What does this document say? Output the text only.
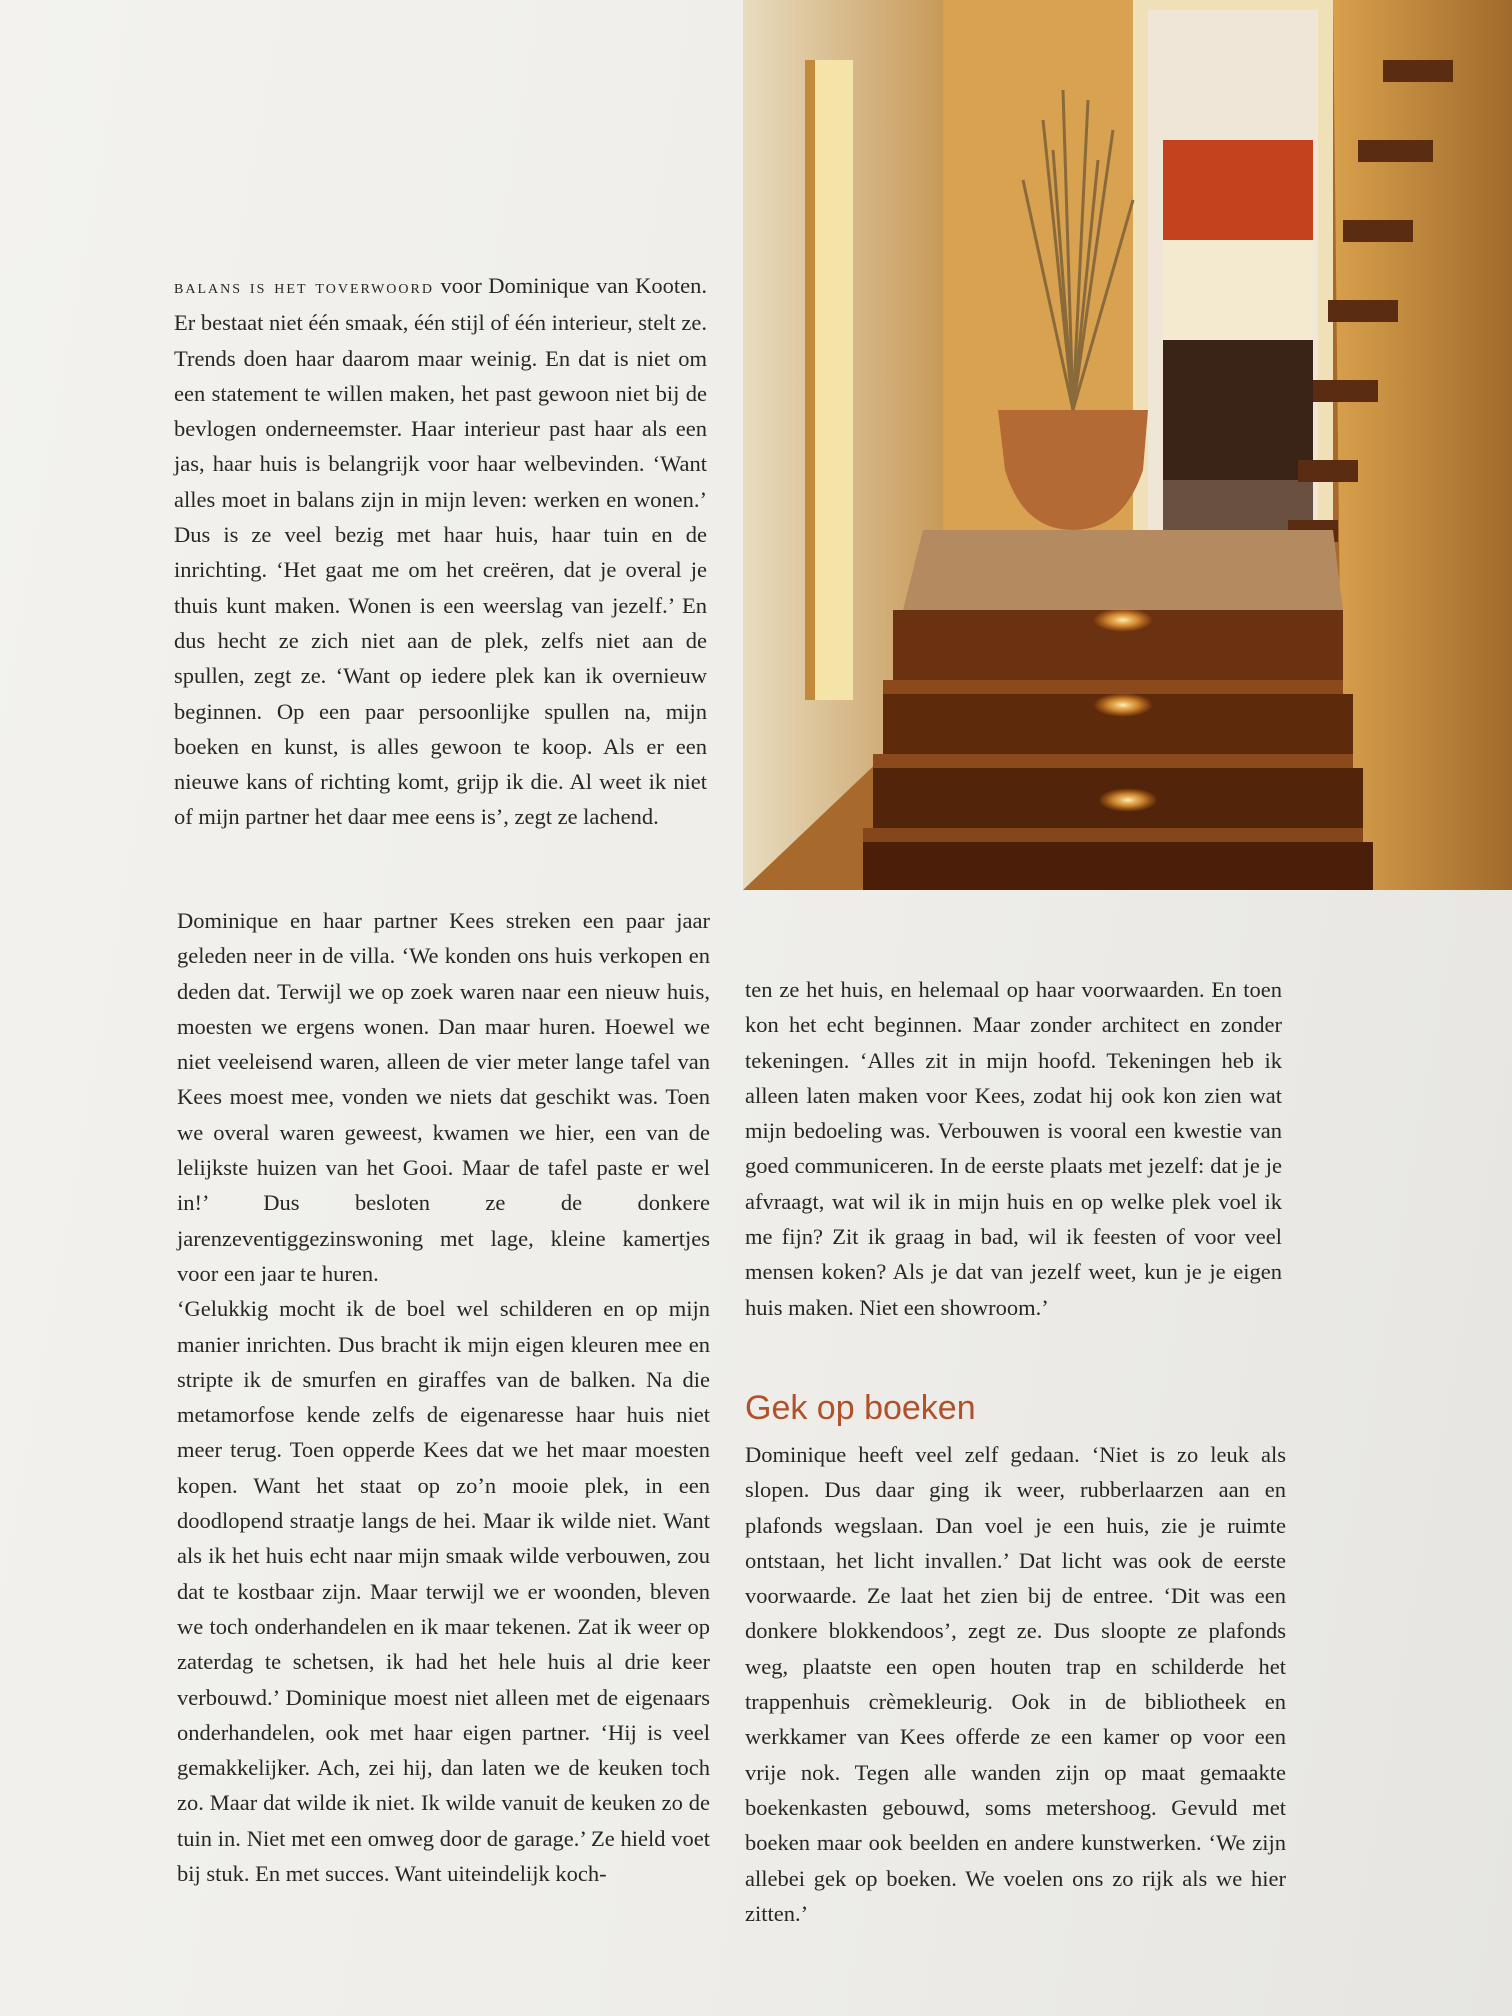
balans is het toverwoord voor Dominique van Kooten. Er bestaat niet één smaak, één stijl of één interieur, stelt ze. Trends doen haar daarom maar weinig. En dat is niet om een statement te willen maken, het past gewoon niet bij de bevlogen onderneemster. Haar interieur past haar als een jas, haar huis is belangrijk voor haar welbevinden. ‘Want alles moet in balans zijn in mijn leven: werken en wonen.’ Dus is ze veel bezig met haar huis, haar tuin en de inrichting. ‘Het gaat me om het creëren, dat je overal je thuis kunt maken. Wonen is een weerslag van jezelf.’ En dus hecht ze zich niet aan de plek, zelfs niet aan de spullen, zegt ze. ‘Want op iedere plek kan ik overnieuw beginnen. Op een paar persoonlijke spullen na, mijn boeken en kunst, is alles gewoon te koop. Als er een nieuwe kans of richting komt, grijp ik die. Al weet ik niet of mijn partner het daar mee eens is’, zegt ze lachend.

Dominique en haar partner Kees streken een paar jaar geleden neer in de villa. ‘We konden ons huis verkopen en deden dat. Terwijl we op zoek waren naar een nieuw huis, moesten we ergens wonen. Dan maar huren. Hoewel we niet veeleisend waren, alleen de vier meter lange tafel van Kees moest mee, vonden we niets dat geschikt was. Toen we overal waren geweest, kwamen we hier, een van de lelijkste huizen van het Gooi. Maar de tafel paste er wel in!’ Dus besloten ze de donkere jarenzeventiggezinswoning met lage, kleine kamertjes voor een jaar te huren.

‘Gelukkig mocht ik de boel wel schilderen en op mijn manier inrichten. Dus bracht ik mijn eigen kleuren mee en stripte ik de smurfen en giraffes van de balken. Na die metamorfose kende zelfs de eigenaresse haar huis niet meer terug. Toen opperde Kees dat we het maar moesten kopen. Want het staat op zo’n mooie plek, in een doodlopend straatje langs de hei. Maar ik wilde niet. Want als ik het huis echt naar mijn smaak wilde verbouwen, zou dat te kostbaar zijn. Maar terwijl we er woonden, bleven we toch onderhandelen en ik maar tekenen. Zat ik weer op zaterdag te schetsen, ik had het hele huis al drie keer verbouwd.’ Dominique moest niet alleen met de eigenaars onderhandelen, ook met haar eigen partner. ‘Hij is veel gemakkelijker. Ach, zei hij, dan laten we de keuken toch zo. Maar dat wilde ik niet. Ik wilde vanuit de keuken zo de tuin in. Niet met een omweg door de garage.’ Ze hield voet bij stuk. En met succes. Want uiteindelijk koch-

ten ze het huis, en helemaal op haar voorwaarden. En toen kon het echt beginnen. Maar zonder architect en zonder tekeningen. ‘Alles zit in mijn hoofd. Tekeningen heb ik alleen laten maken voor Kees, zodat hij ook kon zien wat mijn bedoeling was. Verbouwen is vooral een kwestie van goed communiceren. In de eerste plaats met jezelf: dat je je afvraagt, wat wil ik in mijn huis en op welke plek voel ik me fijn? Zit ik graag in bad, wil ik feesten of voor veel mensen koken? Als je dat van jezelf weet, kun je je eigen huis maken. Niet een showroom.’

Gek op boeken

Dominique heeft veel zelf gedaan. ‘Niet is zo leuk als slopen. Dus daar ging ik weer, rubberlaarzen aan en plafonds wegslaan. Dan voel je een huis, zie je ruimte ontstaan, het licht invallen.’ Dat licht was ook de eerste voorwaarde. Ze laat het zien bij de entree. ‘Dit was een donkere blokkendoos’, zegt ze. Dus sloopte ze plafonds weg, plaatste een open houten trap en schilderde het trappenhuis crèmekleurig. Ook in de bibliotheek en werkkamer van Kees offerde ze een kamer op voor een vrije nok. Tegen alle wanden zijn op maat gemaakte boekenkasten gebouwd, soms metershoog. Gevuld met boeken maar ook beelden en andere kunstwerken. ‘We zijn allebei gek op boeken. We voelen ons zo rijk als we hier zitten.’
